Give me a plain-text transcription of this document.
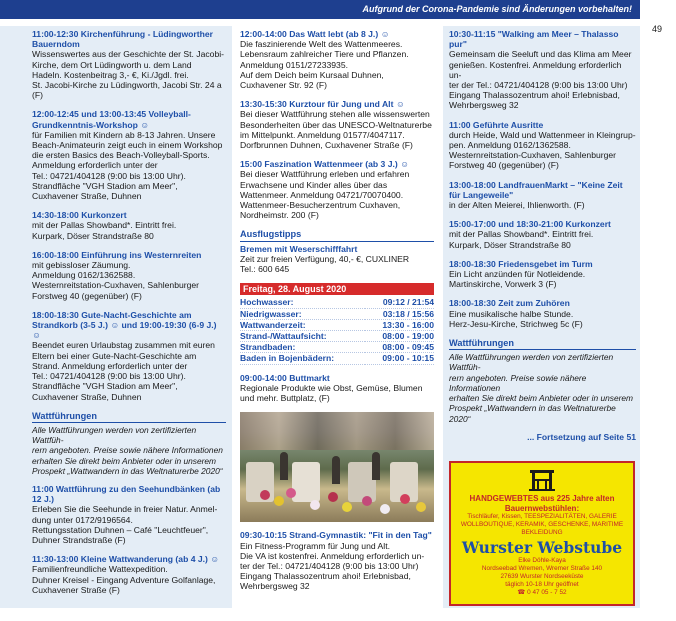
Aufgrund der Corona-Pandemie sind Änderungen vorbehalten!
49
11:00-12:30 Kirchenführung - Lüdingworther Bauerndom
Wissenswertes aus der Geschichte der St. Jacobi-
Kirche, dem Ort Lüdingworth u. dem Land
Hadeln. Kostenbeitrag 3,- €, Ki./Jgdl. frei.
St. Jacobi-Kirche zu Lüdingworth, Jacobi Str. 24 a (F)
12:00-12:45 und 13:00-13:45 Volleyball-Grundkenntnis-Workshop ☺
für Familien mit Kindern ab 8-13 Jahren. Unsere
Beach-Animateurin zeigt euch in einem Workshop
die ersten Basics des Beach-Volleyball-Sports.
Anmeldung erforderlich unter der
Tel.: 04721/404128 (9:00 bis 13:00 Uhr).
Strandfläche "VGH Stadion am Meer",
Cuxhavener Straße, Duhnen
14:30-18:00 Kurkonzert
mit der Pallas Showband*. Eintritt frei.
Kurpark, Döser Strandstraße 80
16:00-18:00 Einführung ins Westernreiten
mit gebissloser Zäumung.
Anmeldung 0162/1362588.
Westernreitstation-Cuxhaven, Sahlenburger
Forstweg 40 (gegenüber) (F)
18:00-18:30 Gute-Nacht-Geschichte am Strandkorb (3-5 J.) ☺ und 19:00-19:30 (6-9 J.) ☺
Beendet euren Urlaubstag zusammen mit euren
Eltern bei einer Gute-Nacht-Geschichte am
Strand. Anmeldung erforderlich unter der
Tel.: 04721/404128 (9:00 bis 13:00 Uhr).
Strandfläche "VGH Stadion am Meer",
Cuxhavener Straße, Duhnen
Wattführungen
Alle Wattführungen werden von zertifizierten Wattfüh-
rern angeboten. Preise sowie nähere Informationen
erhalten Sie direkt beim Anbieter oder in unserem
Prospekt „Wattwandern in das Weltnaturerbe 2020“
11:00 Wattführung zu den Seehundbänken (ab 12 J.)
Erleben Sie die Seehunde in freier Natur. Anmel-
dung unter 0172/9196564.
Rettungsstation Duhnen – Café "Leuchtfeuer",
Duhner Strandstraße (F)
11:30-13:00 Kleine Wattwanderung (ab 4 J.) ☺
Familienfreundliche Wattexpedition.
Duhner Kreisel - Eingang Adventure Golfanlage,
Cuxhavener Straße (F)
12:00-14:00 Das Watt lebt (ab 8 J.) ☺
Die faszinierende Welt des Wattenmeeres.
Lebensraum zahlreicher Tiere und Pflanzen.
Anmeldung 0151/27233935.
Auf dem Deich beim Kursaal Duhnen,
Cuxhavener Str. 92 (F)
13:30-15:30 Kurztour für Jung und Alt ☺
Bei dieser Wattführung stehen alle wissenswerten
Besonderheiten über das UNESCO-Weltnaturerbe
im Mittelpunkt. Anmeldung 01577/4047117.
Dorfbrunnen Duhnen, Cuxhavener Straße (F)
15:00 Faszination Wattenmeer (ab 3 J.) ☺
Bei dieser Wattführung erleben und erfahren
Erwachsene und Kinder alles über das
Wattenmeer. Anmeldung 04721/70070400.
Wattenmeer-Besucherzentrum Cuxhaven,
Nordheimstr. 200 (F)
Ausflugstipps
Bremen mit Weserschifffahrt
Zeit zur freien Verfügung, 40,- €, CUXLINER
Tel.: 600 645
Freitag, 28. August 2020
Hochwasser:	09:12 / 21:54
Niedrigwasser:	03:18 / 15:56
Wattwanderzeit:	13:30 - 16:00
Strand-/Wattaufsicht:	08:00 - 19:00
Strandbaden:	08:00 - 09:45
Baden in Bojenbädern:	09:00 - 10:15
09:00-14:00 Buttmarkt
Regionale Produkte wie Obst, Gemüse, Blumen
und mehr. Buttplatz, (F)
09:30-10:15 Strand-Gymnastik: "Fit in den Tag"
Ein Fitness-Programm für Jung und Alt.
Die VA ist kostenfrei. Anmeldung erforderlich un-
ter der Tel.: 04721/404128 (9:00 bis 13:00 Uhr)
Eingang Thalassozentrum ahoi! Erlebnisbad,
Wehrbergsweg 32
10:30-11:15 "Walking am Meer – Thalasso pur"
Gemeinsam die Seeluft und das Klima am Meer
genießen. Kostenfrei. Anmeldung erforderlich un-
ter der Tel.: 04721/404128 (9:00 bis 13:00 Uhr)
Eingang Thalassozentrum ahoi! Erlebnisbad,
Wehrbergsweg 32
11:00 Geführte Ausritte
durch Heide, Wald und Wattenmeer in Kleingrup-
pen. Anmeldung 0162/1362588.
Westernreitstation-Cuxhaven, Sahlenburger
Forstweg 40 (gegenüber) (F)
13:00-18:00 LandfrauenMarkt – "Keine Zeit für Langeweile"
in der Alten Meierei, Ihlienworth. (F)
15:00-17:00 und 18:30-21:00 Kurkonzert
mit der Pallas Showband*. Eintritt frei.
Kurpark, Döser Strandstraße 80
18:00-18:30 Friedensgebet im Turm
Ein Licht anzünden für Notleidende.
Martinskirche, Vorwerk 3 (F)
18:00-18:30 Zeit zum Zuhören
Eine musikalische halbe Stunde.
Herz-Jesu-Kirche, Strichweg 5c (F)
Wattführungen
Alle Wattführungen werden von zertifizierten Wattfüh-
rern angeboten. Preise sowie nähere Informationen
erhalten Sie direkt beim Anbieter oder in unserem
Prospekt „Wattwandern in das Weltnaturerbe 2020“
... Fortsetzung auf Seite 51
HANDGEWEBTES aus 225 Jahre alten Bauernwebstühlen:
Tischläufer, Kissen, TEESPEZIALITÄTEN, GALERIE
WOLLBOUTIQUE, KERAMIK, GESCHENKE, MARITIME BEKLEIDUNG
Wurster Webstube
Elke Döhle-Kaya
Nordseebad Wremen, Wremer Straße 140
27639 Wurster Nordseeküste
täglich 10-18 Uhr geöffnet
☎ 0 47 05 - 7 52
